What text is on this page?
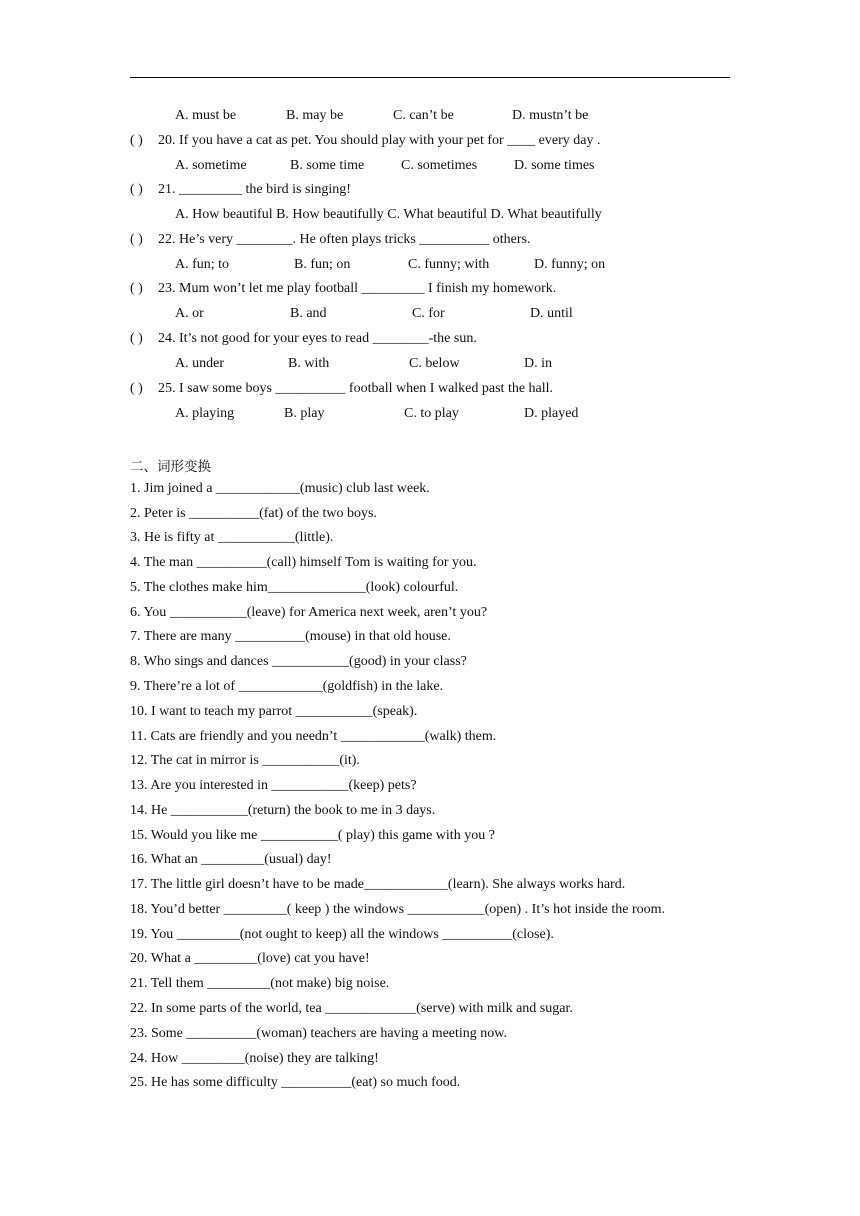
A. must be	B. may be	C. can’t be	D. mustn’t be
( ) 20. If you have a cat as pet. You should play with your pet for ____ every day .
A. sometime	B. some time	C. sometimes	D. some times
( ) 21. _________ the bird is singing!
A. How beautiful B. How beautifully C. What beautiful D. What beautifully
( ) 22. He’s very ________. He often plays tricks __________ others.
A. fun; to	B. fun; on	C. funny; with	D. funny; on
( ) 23. Mum won’t let me play football _________ I finish my homework.
A. or	B. and	C. for	D. until
( ) 24. It’s not good for your eyes to read ________-the sun.
A. under	B. with	C. below	D. in
( ) 25. I saw some boys __________ football when I walked past the hall.
A. playing	B. play	C. to play	D. played
二、词形变换
1. Jim joined a ____________(music) club last week.
2. Peter is __________(fat) of the two boys.
3. He is fifty at ___________(little).
4. The man __________(call) himself Tom is waiting for you.
5. The clothes make him______________(look) colourful.
6. You ___________(leave) for America next week, aren’t you?
7. There are many __________(mouse) in that old house.
8. Who sings and dances ___________(good) in your class?
9. There’re a lot of ____________(goldfish) in the lake.
10. I want to teach my parrot ___________(speak).
11. Cats are friendly and you needn’t ____________(walk) them.
12. The cat in mirror is ___________(it).
13. Are you interested in ___________(keep) pets?
14. He ___________(return) the book to me in 3 days.
15. Would you like me ___________( play) this game with you ?
16. What an _________(usual) day!
17. The little girl doesn’t have to be made____________(learn). She always works hard.
18. You’d better _________( keep ) the windows ___________(open) . It’s hot inside the room.
19. You _________(not ought to keep) all the windows __________(close).
20. What a _________(love) cat you have!
21. Tell them _________(not make) big noise.
22. In some parts of the world, tea _____________(serve) with milk and sugar.
23. Some __________(woman) teachers are having a meeting now.
24. How _________(noise) they are talking!
25. He has some difficulty __________(eat) so much food.
